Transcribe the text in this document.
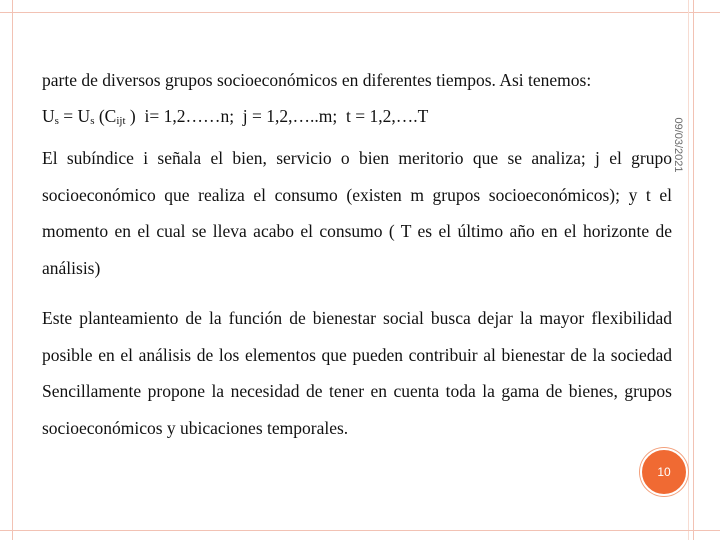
09/03/2021
parte de diversos grupos socioeconómicos en diferentes tiempos. Asi tenemos:
U s = U s (C ijt ) i= 1,2……n;  j = 1,2,…..m;  t = 1,2,….T

El subíndice i señala el bien, servicio o bien meritorio que se analiza; j el grupo socioeconómico que realiza el consumo (existen m grupos socioeconómicos); y t el momento en el cual se lleva acabo el consumo ( T es el último año en el horizonte de análisis)

Este planteamiento de la función de bienestar social busca dejar la mayor flexibilidad posible en el análisis de los elementos que pueden contribuir al bienestar de la sociedad Sencillamente propone la necesidad de tener en cuenta toda la gama de bienes, grupos socioeconómicos y ubicaciones temporales.

10
